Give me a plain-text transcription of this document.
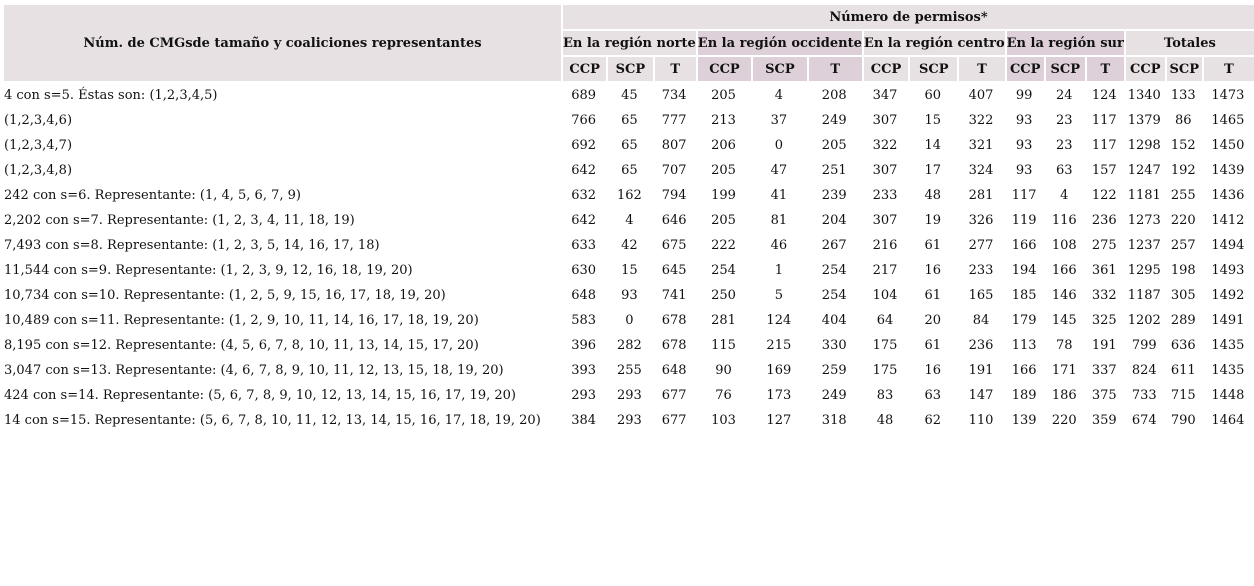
Núm. de CMGsde tamaño y coaliciones representantes	Número de permisos*														
	En la región norte			En la región occidente			En la región centro			En la región sur			Totales		
	CCP	SCP	T	CCP	SCP	T	CCP	SCP	T	CCP	SCP	T	CCP	SCP	T
4 con s=5. Éstas son: (1,2,3,4,5)	689	45	734	205	4	208	347	60	407	99	24	124	1340	133	1473
(1,2,3,4,6)	766	65	777	213	37	249	307	15	322	93	23	117	1379	86	1465
(1,2,3,4,7)	692	65	807	206	0	205	322	14	321	93	23	117	1298	152	1450
(1,2,3,4,8)	642	65	707	205	47	251	307	17	324	93	63	157	1247	192	1439
242 con s=6. Representante: (1, 4, 5, 6, 7, 9)	632	162	794	199	41	239	233	48	281	117	4	122	1181	255	1436
2,202 con s=7. Representante: (1, 2, 3, 4, 11, 18, 19)	642	4	646	205	81	204	307	19	326	119	116	236	1273	220	1412
7,493 con s=8. Representante: (1, 2, 3, 5, 14, 16, 17, 18)	633	42	675	222	46	267	216	61	277	166	108	275	1237	257	1494
11,544 con s=9. Representante: (1, 2, 3, 9, 12, 16, 18, 19, 20)	630	15	645	254	1	254	217	16	233	194	166	361	1295	198	1493
10,734 con s=10. Representante: (1, 2, 5, 9, 15, 16, 17, 18, 19, 20)	648	93	741	250	5	254	104	61	165	185	146	332	1187	305	1492
10,489 con s=11. Representante: (1, 2, 9, 10, 11, 14, 16, 17, 18, 19, 20)	583	0	678	281	124	404	64	20	84	179	145	325	1202	289	1491
8,195 con s=12. Representante: (4, 5, 6, 7, 8, 10, 11, 13, 14, 15, 17, 20)	396	282	678	115	215	330	175	61	236	113	78	191	799	636	1435
3,047 con s=13. Representante: (4, 6, 7, 8, 9, 10, 11, 12, 13, 15, 18, 19, 20)	393	255	648	90	169	259	175	16	191	166	171	337	824	611	1435
424 con s=14. Representante: (5, 6, 7, 8, 9, 10, 12, 13, 14, 15, 16, 17, 19, 20)	293	293	677	76	173	249	83	63	147	189	186	375	733	715	1448
14 con s=15. Representante: (5, 6, 7, 8, 10, 11, 12, 13, 14, 15, 16, 17, 18, 19, 20)	384	293	677	103	127	318	48	62	110	139	220	359	674	790	1464
